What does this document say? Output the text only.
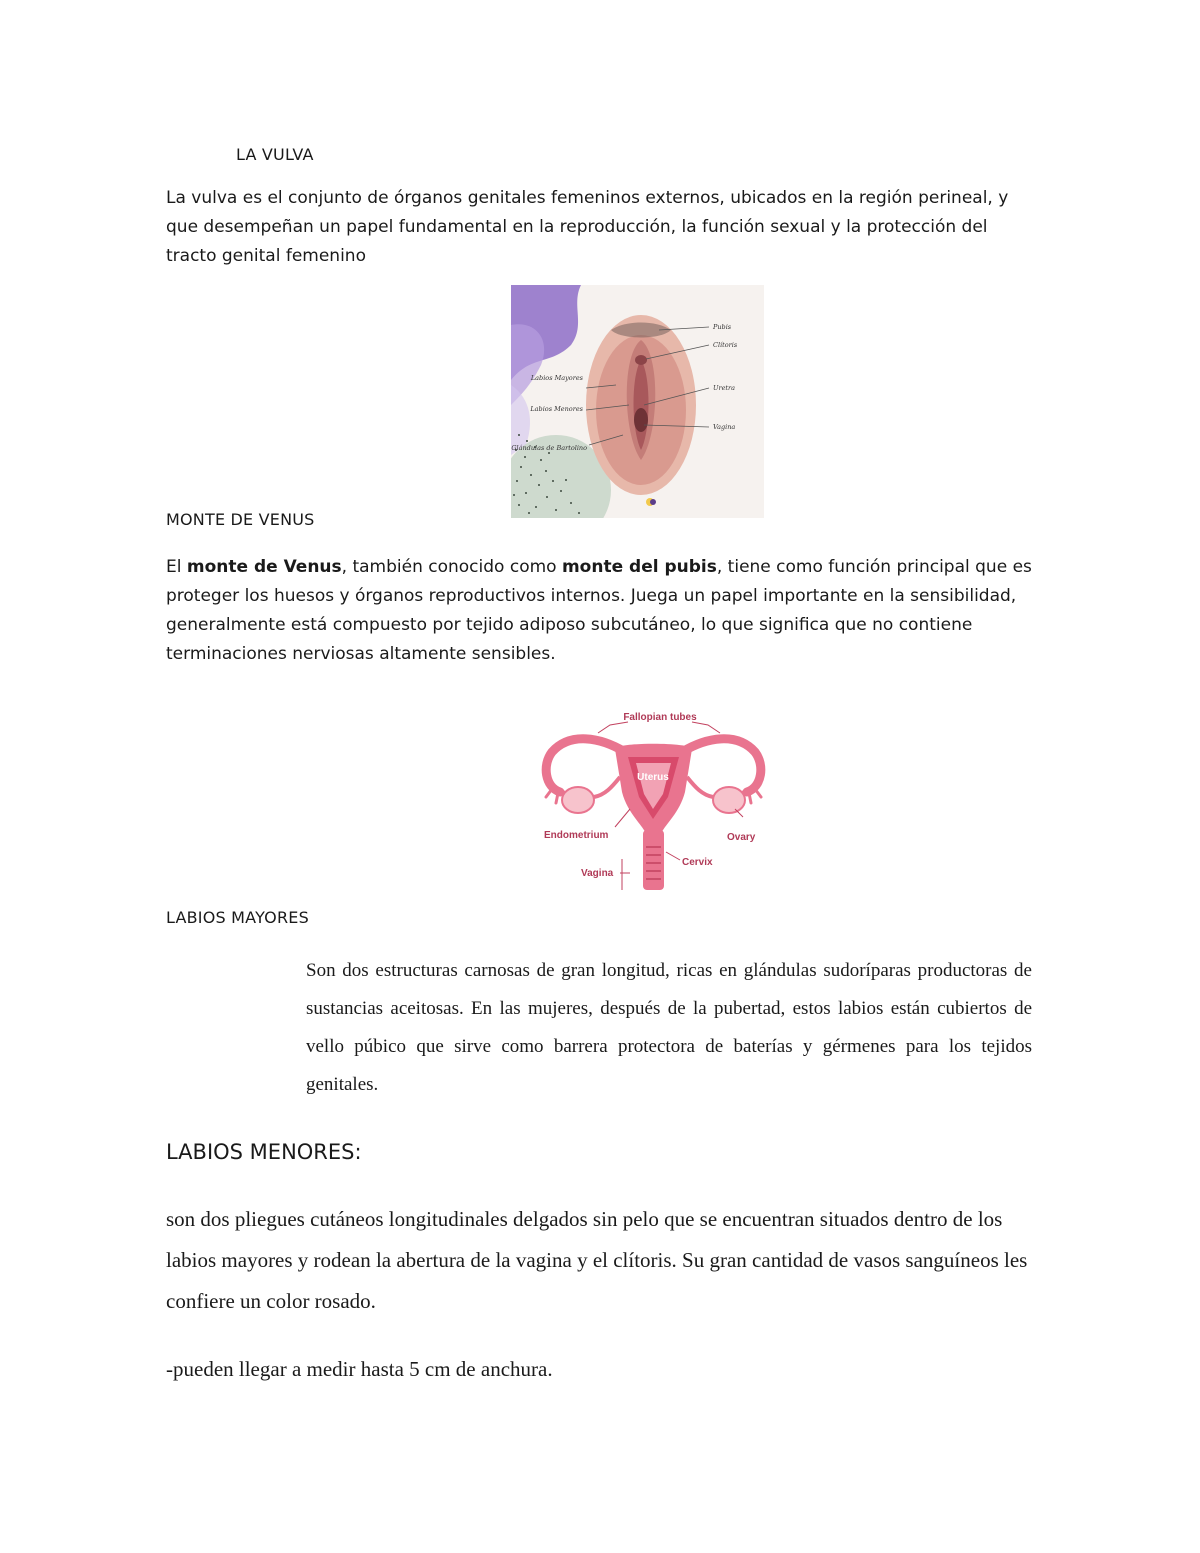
LA VULVA
La vulva es el conjunto de órganos genitales femeninos externos, ubicados en la región perineal, y que desempeñan un papel fundamental en la reproducción, la función sexual y la protección del tracto genital femenino
Pubis
Clítoris
Uretra
Vagina
Labios Mayores
Labios Menores
Glándulas de Bartolino
MONTE DE VENUS
El monte de Venus, también conocido como monte del pubis, tiene como función principal que es proteger los huesos y órganos reproductivos internos. Juega un papel importante en la sensibilidad, generalmente está compuesto por tejido adiposo subcutáneo, lo que significa que no contiene terminaciones nerviosas altamente sensibles.
Fallopian tubes
Uterus
Endometrium	Ovary
Cervix
Vagina
LABIOS MAYORES
Son dos estructuras carnosas de gran longitud, ricas en glándulas sudoríparas productoras de sustancias aceitosas. En las mujeres, después de la pubertad, estos labios están cubiertos de vello púbico que sirve como barrera protectora de baterías y gérmenes para los tejidos genitales.
LABIOS MENORES:
son dos pliegues cutáneos longitudinales delgados sin pelo que se encuentran situados dentro de los labios mayores y rodean la abertura de la vagina y el clítoris. Su gran cantidad de vasos sanguíneos les confiere un color rosado.
-pueden llegar a medir hasta 5 cm de anchura.
